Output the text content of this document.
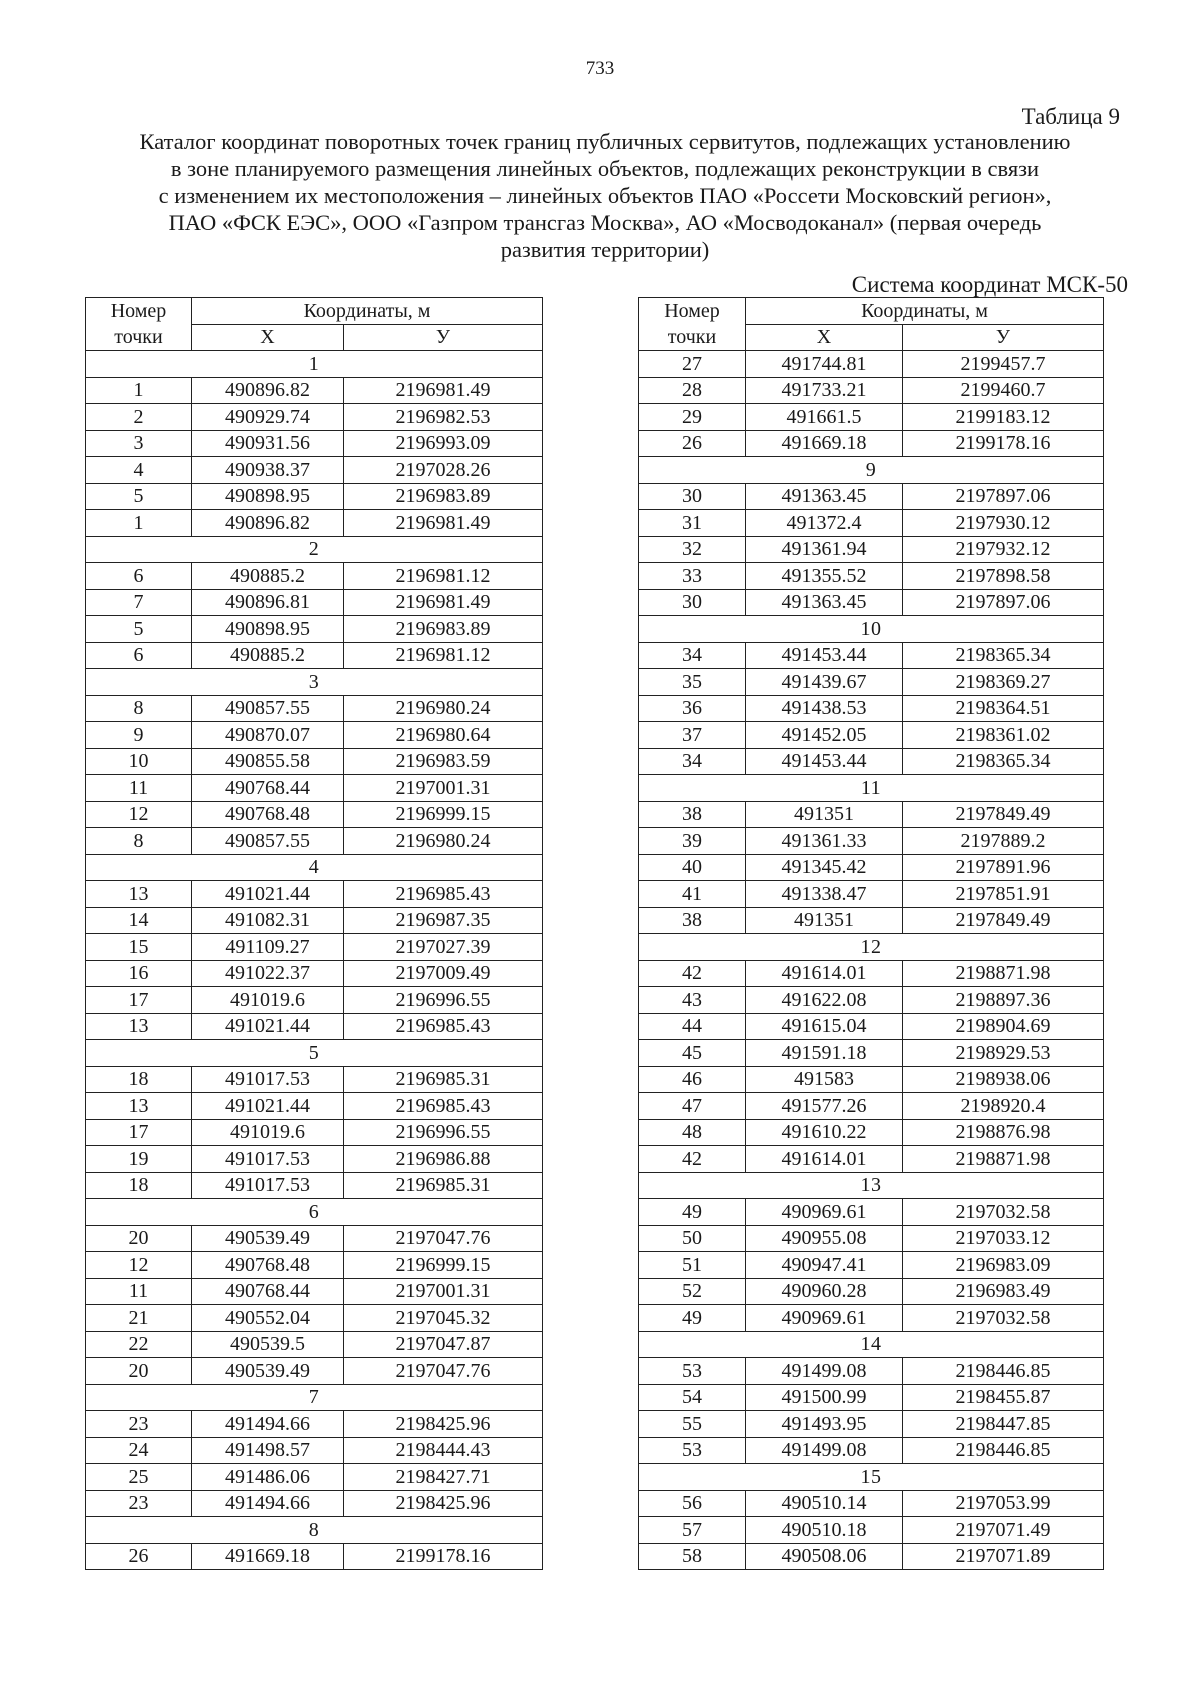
733
Таблица 9
Каталог координат поворотных точек границ публичных сервитутов, подлежащих установлению
в зоне планируемого размещения линейных объектов, подлежащих реконструкции в связи
с изменением их местоположения – линейных объектов ПАО «Россети Московский регион»,
ПАО «ФСК ЕЭС», ООО «Газпром трансгаз Москва», АО «Мосводоканал» (первая очередь
развития территории)
Система координат МСК-50
Номер	Координаты, м	
точки	Х	У
1		
1	490896.82	2196981.49
2	490929.74	2196982.53
3	490931.56	2196993.09
4	490938.37	2197028.26
5	490898.95	2196983.89
1	490896.82	2196981.49
2		
6	490885.2	2196981.12
7	490896.81	2196981.49
5	490898.95	2196983.89
6	490885.2	2196981.12
3		
8	490857.55	2196980.24
9	490870.07	2196980.64
10	490855.58	2196983.59
11	490768.44	2197001.31
12	490768.48	2196999.15
8	490857.55	2196980.24
4		
13	491021.44	2196985.43
14	491082.31	2196987.35
15	491109.27	2197027.39
16	491022.37	2197009.49
17	491019.6	2196996.55
13	491021.44	2196985.43
5		
18	491017.53	2196985.31
13	491021.44	2196985.43
17	491019.6	2196996.55
19	491017.53	2196986.88
18	491017.53	2196985.31
6		
20	490539.49	2197047.76
12	490768.48	2196999.15
11	490768.44	2197001.31
21	490552.04	2197045.32
22	490539.5	2197047.87
20	490539.49	2197047.76
7		
23	491494.66	2198425.96
24	491498.57	2198444.43
25	491486.06	2198427.71
23	491494.66	2198425.96
8		
26	491669.18	2199178.16
Номер	Координаты, м	
точки	Х	У
27	491744.81	2199457.7
28	491733.21	2199460.7
29	491661.5	2199183.12
26	491669.18	2199178.16
9		
30	491363.45	2197897.06
31	491372.4	2197930.12
32	491361.94	2197932.12
33	491355.52	2197898.58
30	491363.45	2197897.06
10		
34	491453.44	2198365.34
35	491439.67	2198369.27
36	491438.53	2198364.51
37	491452.05	2198361.02
34	491453.44	2198365.34
11		
38	491351	2197849.49
39	491361.33	2197889.2
40	491345.42	2197891.96
41	491338.47	2197851.91
38	491351	2197849.49
12		
42	491614.01	2198871.98
43	491622.08	2198897.36
44	491615.04	2198904.69
45	491591.18	2198929.53
46	491583	2198938.06
47	491577.26	2198920.4
48	491610.22	2198876.98
42	491614.01	2198871.98
13		
49	490969.61	2197032.58
50	490955.08	2197033.12
51	490947.41	2196983.09
52	490960.28	2196983.49
49	490969.61	2197032.58
14		
53	491499.08	2198446.85
54	491500.99	2198455.87
55	491493.95	2198447.85
53	491499.08	2198446.85
15		
56	490510.14	2197053.99
57	490510.18	2197071.49
58	490508.06	2197071.89
